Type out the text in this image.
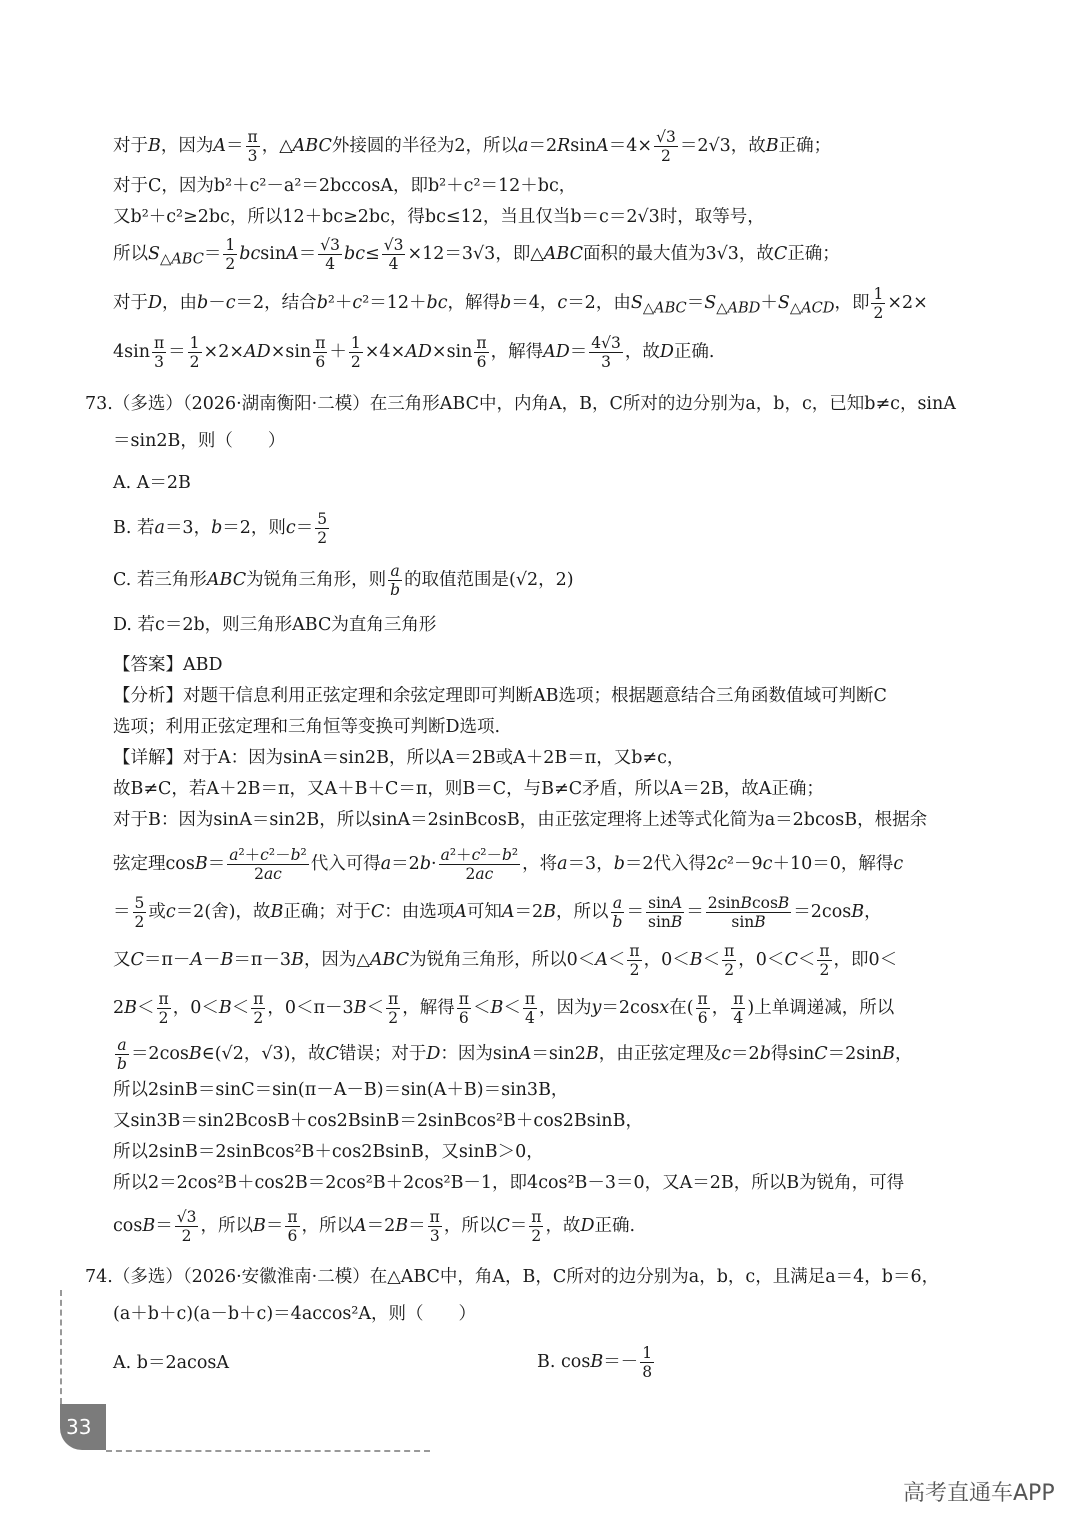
对于B，因为$A= \frac{\pi}{3}$ ，△ABC外接圆的半径为2，所以$a=2RsinA=4\times \frac{√3}{2} =2√3$，故B正确；
对于C，因为b²＋c²－a²＝2bccosA，即b²＋c²＝12＋bc，
又b²＋c²≥2bc，所以12＋bc≥2bc，得bc≤12，当且仅当b＝c＝2√3时，取等号，
所以$S_{\triangle ABC}= \frac{1}{2} bcsinA= \frac{√3}{4} bc\le \frac{√3}{4} \times 12=3√3$，即△ABC面积的最大值为3√3，故C正确；
对于D，由b－c＝2，结合b²＋c²＝12＋bc，解得b＝4，c＝2，由$S_{\triangle ABC}=S_{\triangle ABD}+S_{\triangle ACD}$，即 $\frac{1}{2} \times 2\times$
$4\sin \frac{\pi}{3} = \frac{1}{2} \times 2\times AD\times\sin \frac{\pi}{6} + \frac{1}{2} \times 4\times AD\times\sin \frac{\pi}{6}$ ，解得$AD= \frac{4√3}{3}$ ，故D正确.
73.（多选）（2026·湖南衡阳·二模）在三角形ABC中，内角A，B，C所对的边分别为a，b，c，已知b≠c，sinA
＝sin2B，则（　　）
A. A＝2B
B. 若a＝3，b＝2，则$c= \frac{5}{2}$
C. 若三角形ABC为锐角三角形，则 $\frac{a}{b}$ 的取值范围是(√2，2)
D. 若c＝2b，则三角形ABC为直角三角形
【答案】ABD
【分析】对题干信息利用正弦定理和余弦定理即可判断AB选项；根据题意结合三角函数值域可判断C
选项；利用正弦定理和三角恒等变换可判断D选项.
【详解】对于A：因为sinA＝sin2B，所以A＝2B或A＋2B＝π，又b≠c，
故B≠C，若A＋2B＝π，又A＋B＋C＝π，则B＝C，与B≠C矛盾，所以A＝2B，故A正确；
对于B：因为sinA＝sin2B，所以sinA＝2sinBcosB，由正弦定理将上述等式化简为a＝2bcosB，根据余
弦定理$\cos B= \frac{\text{a²＋c²－b²}}{2ac}$ 代入可得$a=2b\cdot \frac{\text{a²＋c²－b²}}{2ac}$ ，将a＝3，b＝2代入得2c²－9c＋10＝0，解得c
＝ $\frac{5}{2}$ 或c＝2(舍)，故B正确；对于C：由选项A可知A＝2B，所以 $\frac{a}{b} = \frac{\sin A}{\sin B} = \frac{\text{2sinBcosB}}{\sin B} =2\cos B$，
又C＝π－A－B＝π－3B，因为△ABC为锐角三角形，所以$0<A< \frac{\pi}{2}$ ，$0<B< \frac{\pi}{2}$ ，$0<C< \frac{\pi}{2}$ ，即0＜
$2B< \frac{\pi}{2}$ ，$0<B< \frac{\pi}{2}$ ，$0<\pi-3B< \frac{\pi}{2}$ ，解得 $\frac{\pi}{6} <B< \frac{\pi}{4}$ ，因为y＝2cosx在( $\frac{\pi}{6}$ ， $\frac{\pi}{4}$ )上单调递减，所以
$\frac{a}{b}$ ＝2cosB∈(√2，√3)，故C错误；对于D：因为sinA＝sin2B，由正弦定理及c＝2b得sinC＝2sinB，
所以2sinB＝sinC＝sin(π－A－B)＝sin(A＋B)＝sin3B，
又sin3B＝sin2BcosB＋cos2BsinB＝2sinBcos²B＋cos2BsinB，
所以2sinB＝2sinBcos²B＋cos2BsinB，又sinB＞0，
所以2＝2cos²B＋cos2B＝2cos²B＋2cos²B－1，即4cos²B－3＝0，又A＝2B，所以B为锐角，可得
$\cos B= \frac{√3}{2}$ ，所以$B= \frac{\pi}{6}$ ，所以$A=2B= \frac{\pi}{3}$ ，所以$C= \frac{\pi}{2}$ ，故D正确.
74.（多选）（2026·安徽淮南·二模）在△ABC中，角A，B，C所对的边分别为a，b，c，且满足a＝4，b＝6，
(a＋b＋c)(a－b＋c)＝4accos²A，则（　　）
A. b＝2acosA	B. $\cos B=- \frac{1}{8}$
33
高考直通车APP
